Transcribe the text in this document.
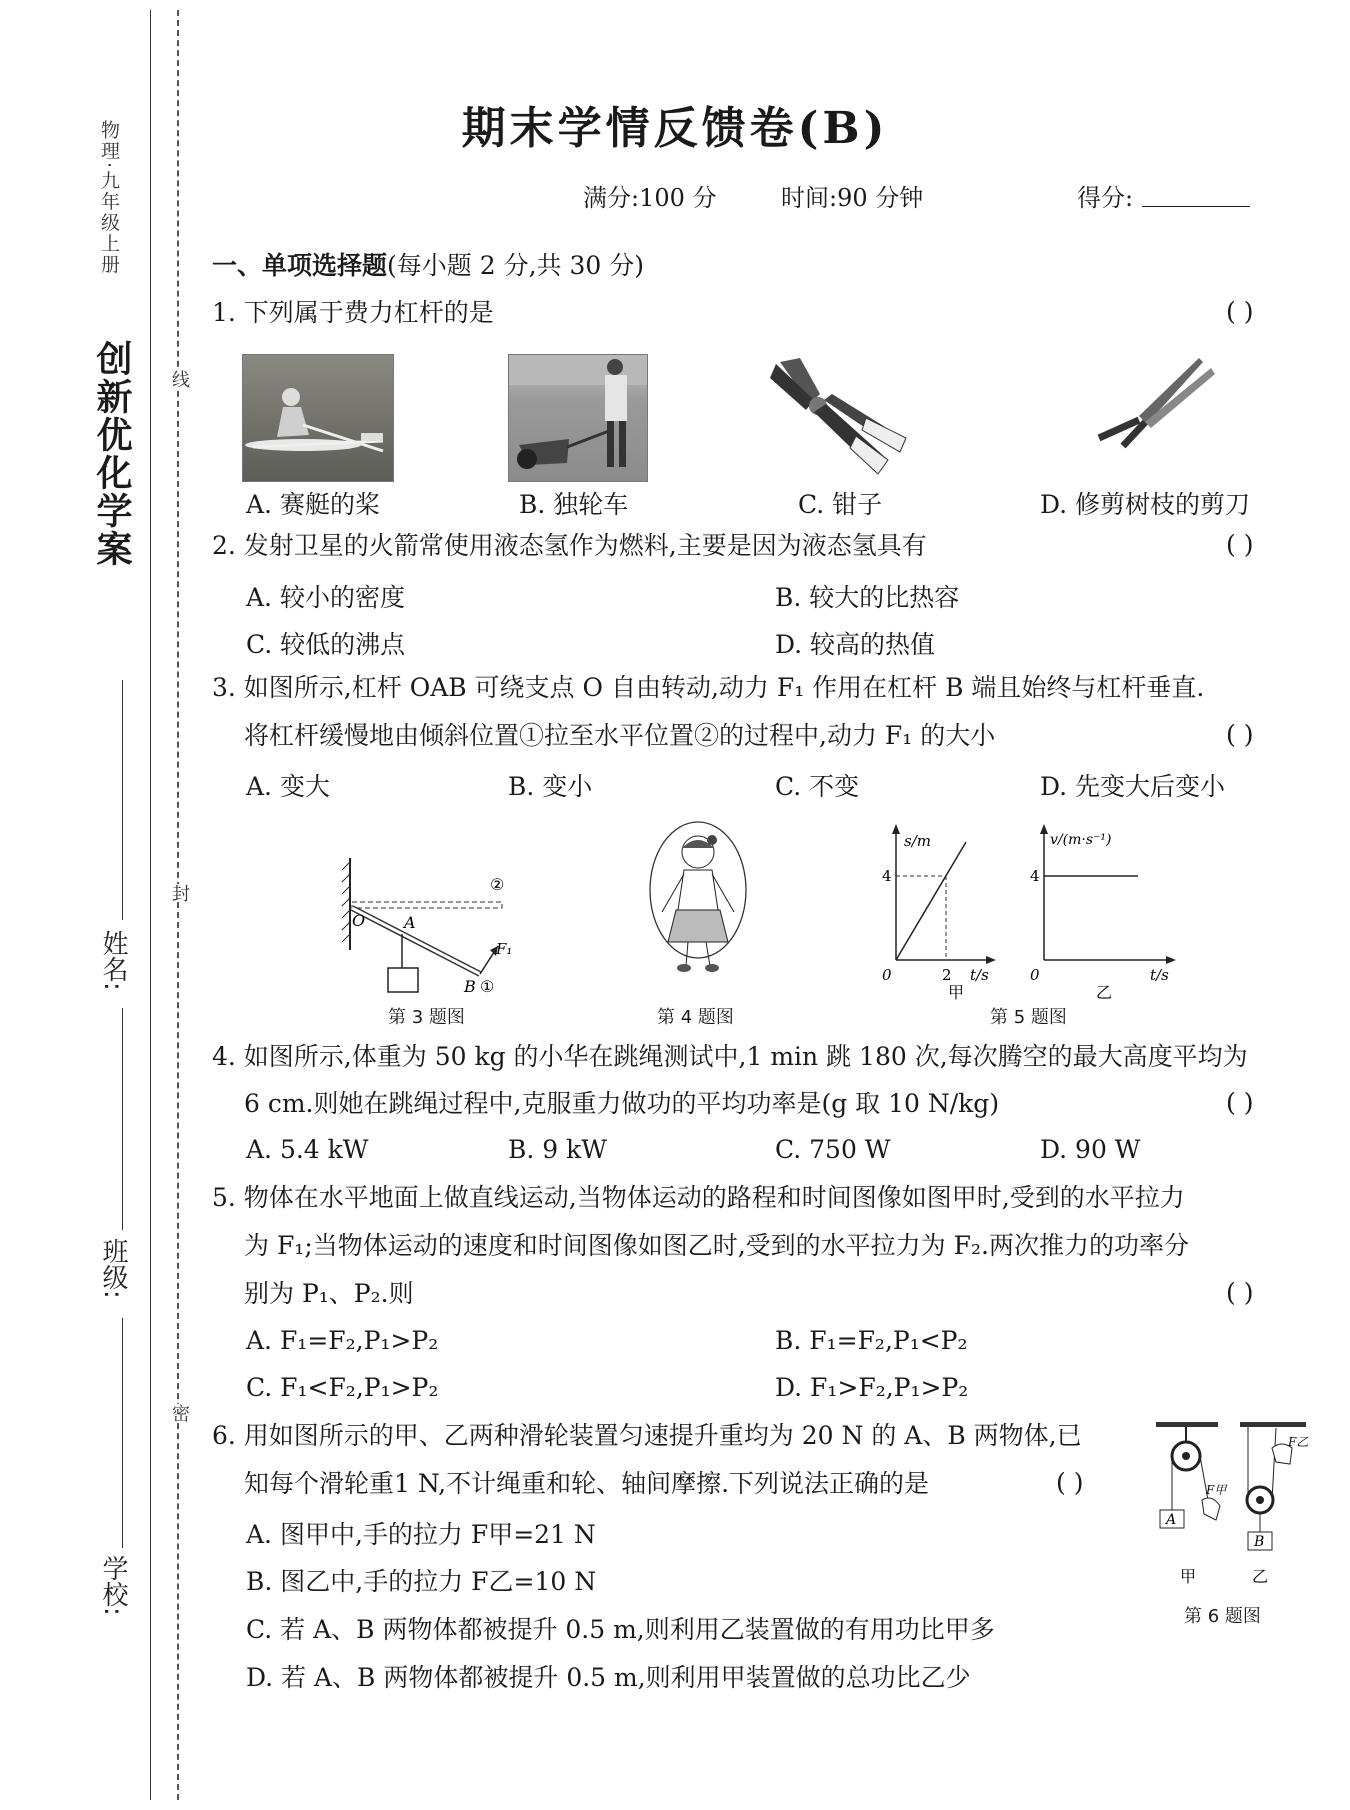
创新优化学案
物理·九年级上册
姓名:
班级:
学校:
线
封
密
期末学情反馈卷(B)
满分:100 分	时间:90 分钟	得分:
一、单项选择题(每小题 2 分,共 30 分)
1. 下列属于费力杠杆的是	( )
A. 赛艇的桨	B. 独轮车	C. 钳子	D. 修剪树枝的剪刀
2. 发射卫星的火箭常使用液态氢作为燃料,主要是因为液态氢具有	( )
A. 较小的密度	B. 较大的比热容
C. 较低的沸点	D. 较高的热值
3. 如图所示,杠杆 OAB 可绕支点 O 自由转动,动力 F₁ 作用在杠杆 B 端且始终与杠杆垂直.
将杠杆缓慢地由倾斜位置①拉至水平位置②的过程中,动力 F₁ 的大小	( )
A. 变大	B. 变小	C. 不变	D. 先变大后变小
O A
B
F₁
①
②
第 3 题图	第 4 题图
s/m
4
2
0	t/s
甲
v/(m·s⁻¹)
4
0	t/s
乙
第 5 题图
4. 如图所示,体重为 50 kg 的小华在跳绳测试中,1 min 跳 180 次,每次腾空的最大高度平均为
6 cm.则她在跳绳过程中,克服重力做功的平均功率是(g 取 10 N/kg)	( )
A. 5.4 kW	B. 9 kW	C. 750 W	D. 90 W
5. 物体在水平地面上做直线运动,当物体运动的路程和时间图像如图甲时,受到的水平拉力
为 F₁;当物体运动的速度和时间图像如图乙时,受到的水平拉力为 F₂.两次推力的功率分
别为 P₁、P₂.则	( )
A. F₁=F₂,P₁>P₂	B. F₁=F₂,P₁<P₂
C. F₁<F₂,P₁>P₂	D. F₁>F₂,P₁>P₂
6. 用如图所示的甲、乙两种滑轮装置匀速提升重均为 20 N 的 A、B 两物体,已
知每个滑轮重1 N,不计绳重和轮、轴间摩擦.下列说法正确的是	( )
A. 图甲中,手的拉力 F甲=21 N
B. 图乙中,手的拉力 F乙=10 N
C. 若 A、B 两物体都被提升 0.5 m,则利用乙装置做的有用功比甲多
D. 若 A、B 两物体都被提升 0.5 m,则利用甲装置做的总功比乙少
A
B
F甲
F乙
甲	乙
第 6 题图
